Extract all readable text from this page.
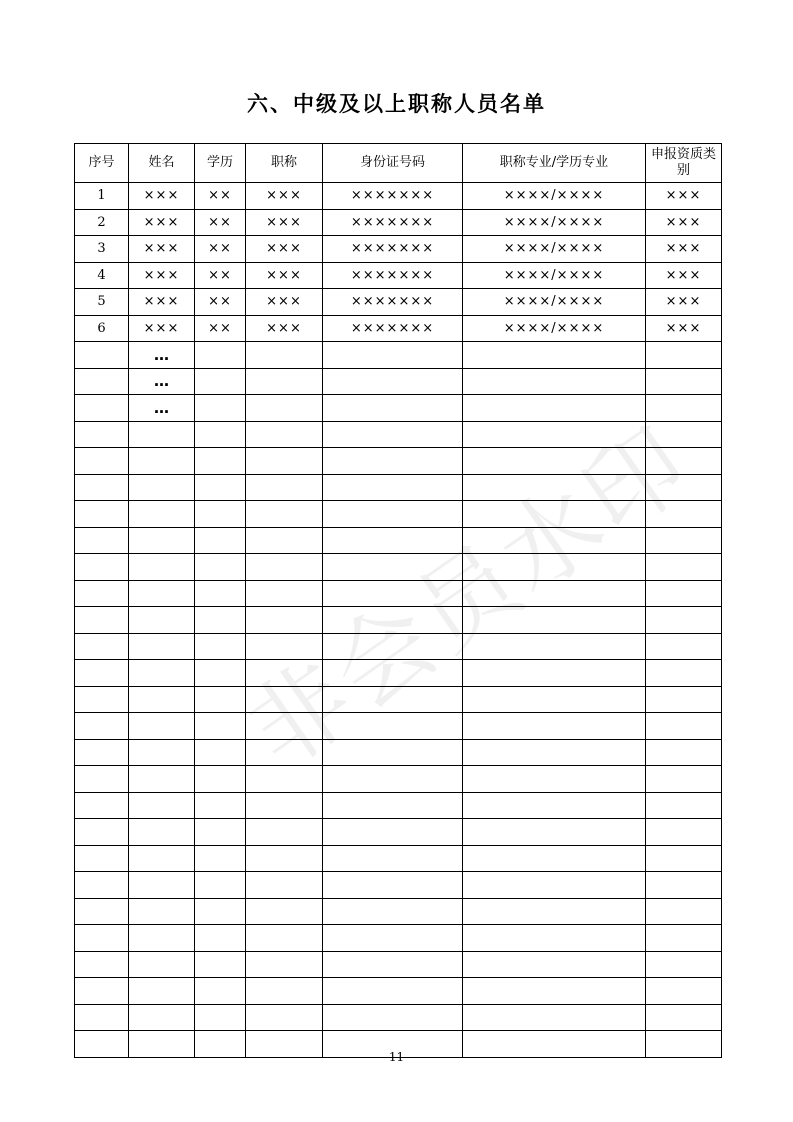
六、中级及以上职称人员名单
非会员水印
序号	姓名	学历	职称	身份证号码	职称专业/学历专业	申报资质类别
1	×××	××	×××	×××××××	××××/××××	×××
2	×××	××	×××	×××××××	××××/××××	×××
3	×××	××	×××	×××××××	××××/××××	×××
4	×××	××	×××	×××××××	××××/××××	×××
5	×××	××	×××	×××××××	××××/××××	×××
6	×××	××	×××	×××××××	××××/××××	×××
	…					
	…					
	…					

11
